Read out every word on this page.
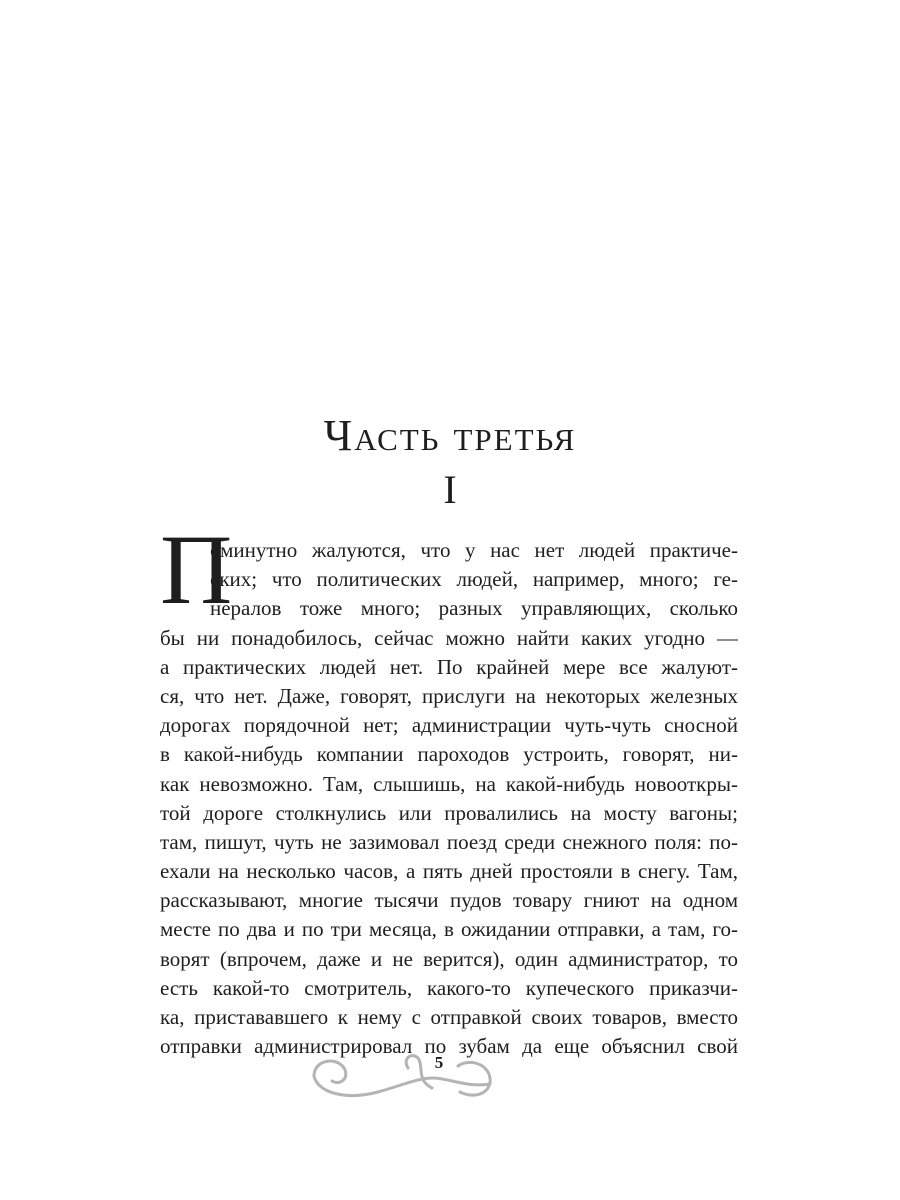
Часть третья
I
П
оминутно жалуются, что у нас нет людей практиче-
ских; что политических людей, например, много; ге-
нералов тоже много; разных управляющих, сколько
бы ни понадобилось, сейчас можно найти каких угодно —
а практических людей нет. По крайней мере все жалуют-
ся, что нет. Даже, говорят, прислуги на некоторых железных
дорогах порядочной нет; администрации чуть-чуть сносной
в какой-нибудь компании пароходов устроить, говорят, ни-
как невозможно. Там, слышишь, на какой-нибудь новооткры-
той дороге столкнулись или провалились на мосту вагоны;
там, пишут, чуть не зазимовал поезд среди снежного поля: по-
ехали на несколько часов, а пять дней простояли в снегу. Там,
рассказывают, многие тысячи пудов товару гниют на одном
месте по два и по три месяца, в ожидании отправки, а там, го-
ворят (впрочем, даже и не верится), один администратор, то
есть какой-то смотритель, какого-то купеческого приказчи-
ка, пристававшего к нему с отправкой своих товаров, вместо
отправки администрировал по зубам да еще объяснил свой
5
